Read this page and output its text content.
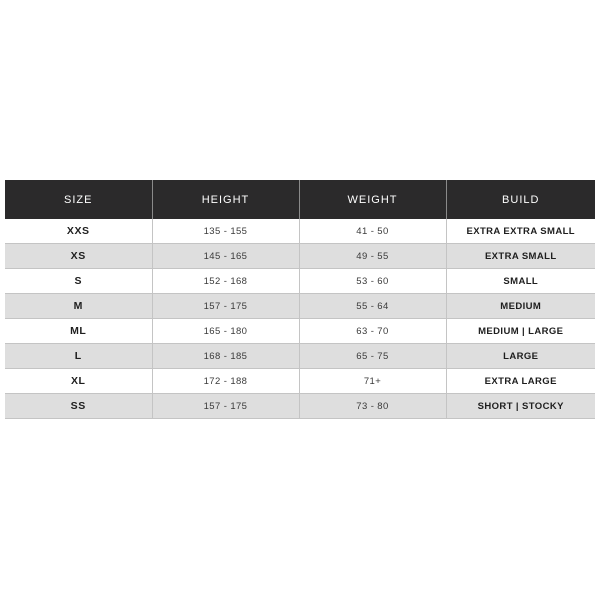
SIZE	HEIGHT	WEIGHT	BUILD
XXS	135 - 155	41 - 50	EXTRA EXTRA SMALL
XS	145 - 165	49 - 55	EXTRA SMALL
S	152 - 168	53 - 60	SMALL
M	157 - 175	55 - 64	MEDIUM
ML	165 - 180	63 - 70	MEDIUM | LARGE
L	168 - 185	65 - 75	LARGE
XL	172 - 188	71+	EXTRA LARGE
SS	157 - 175	73 - 80	SHORT | STOCKY
